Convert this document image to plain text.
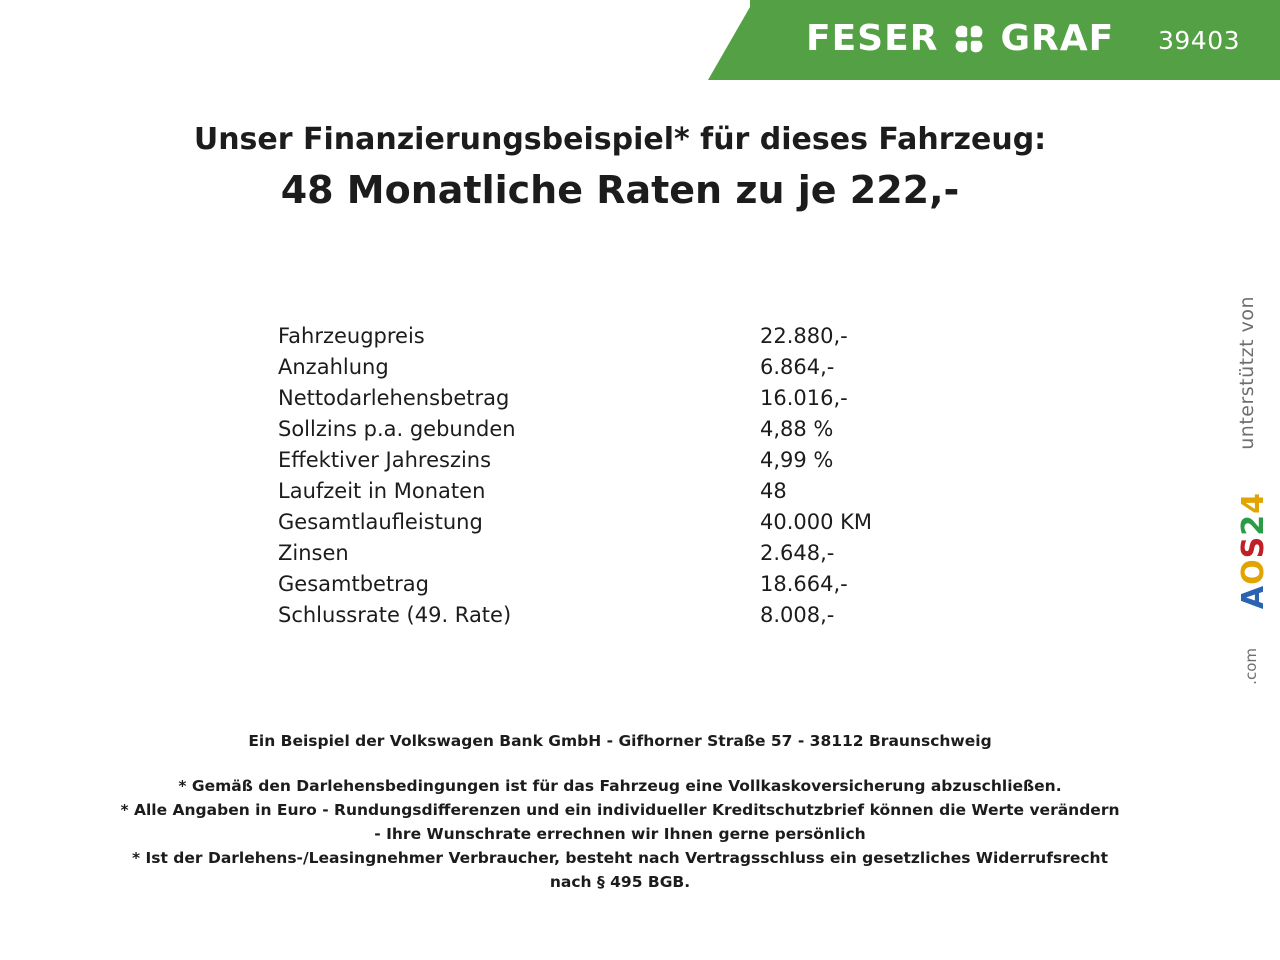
FESER GRAF 39403
Unser Finanzierungsbeispiel* für dieses Fahrzeug:
48 Monatliche Raten zu je 222,-
Fahrzeugpreis	22.880,-
Anzahlung	6.864,-
Nettodarlehensbetrag	16.016,-
Sollzins p.a. gebunden	4,88 %
Effektiver Jahreszins	4,99 %
Laufzeit in Monaten	48
Gesamtlaufleistung	40.000 KM
Zinsen	2.648,-
Gesamtbetrag	18.664,-
Schlussrate (49. Rate)	8.008,-
Ein Beispiel der Volkswagen Bank GmbH - Gifhorner Straße 57 - 38112 Braunschweig
* Gemäß den Darlehensbedingungen ist für das Fahrzeug eine Vollkaskoversicherung abzuschließen.
* Alle Angaben in Euro - Rundungsdifferenzen und ein individueller Kreditschutzbrief können die Werte verändern
- Ihre Wunschrate errechnen wir Ihnen gerne persönlich
* Ist der Darlehens-/Leasingnehmer Verbraucher, besteht nach Vertragsschluss ein gesetzliches Widerrufsrecht
nach § 495 BGB.
unterstützt von
AOS24
.com
